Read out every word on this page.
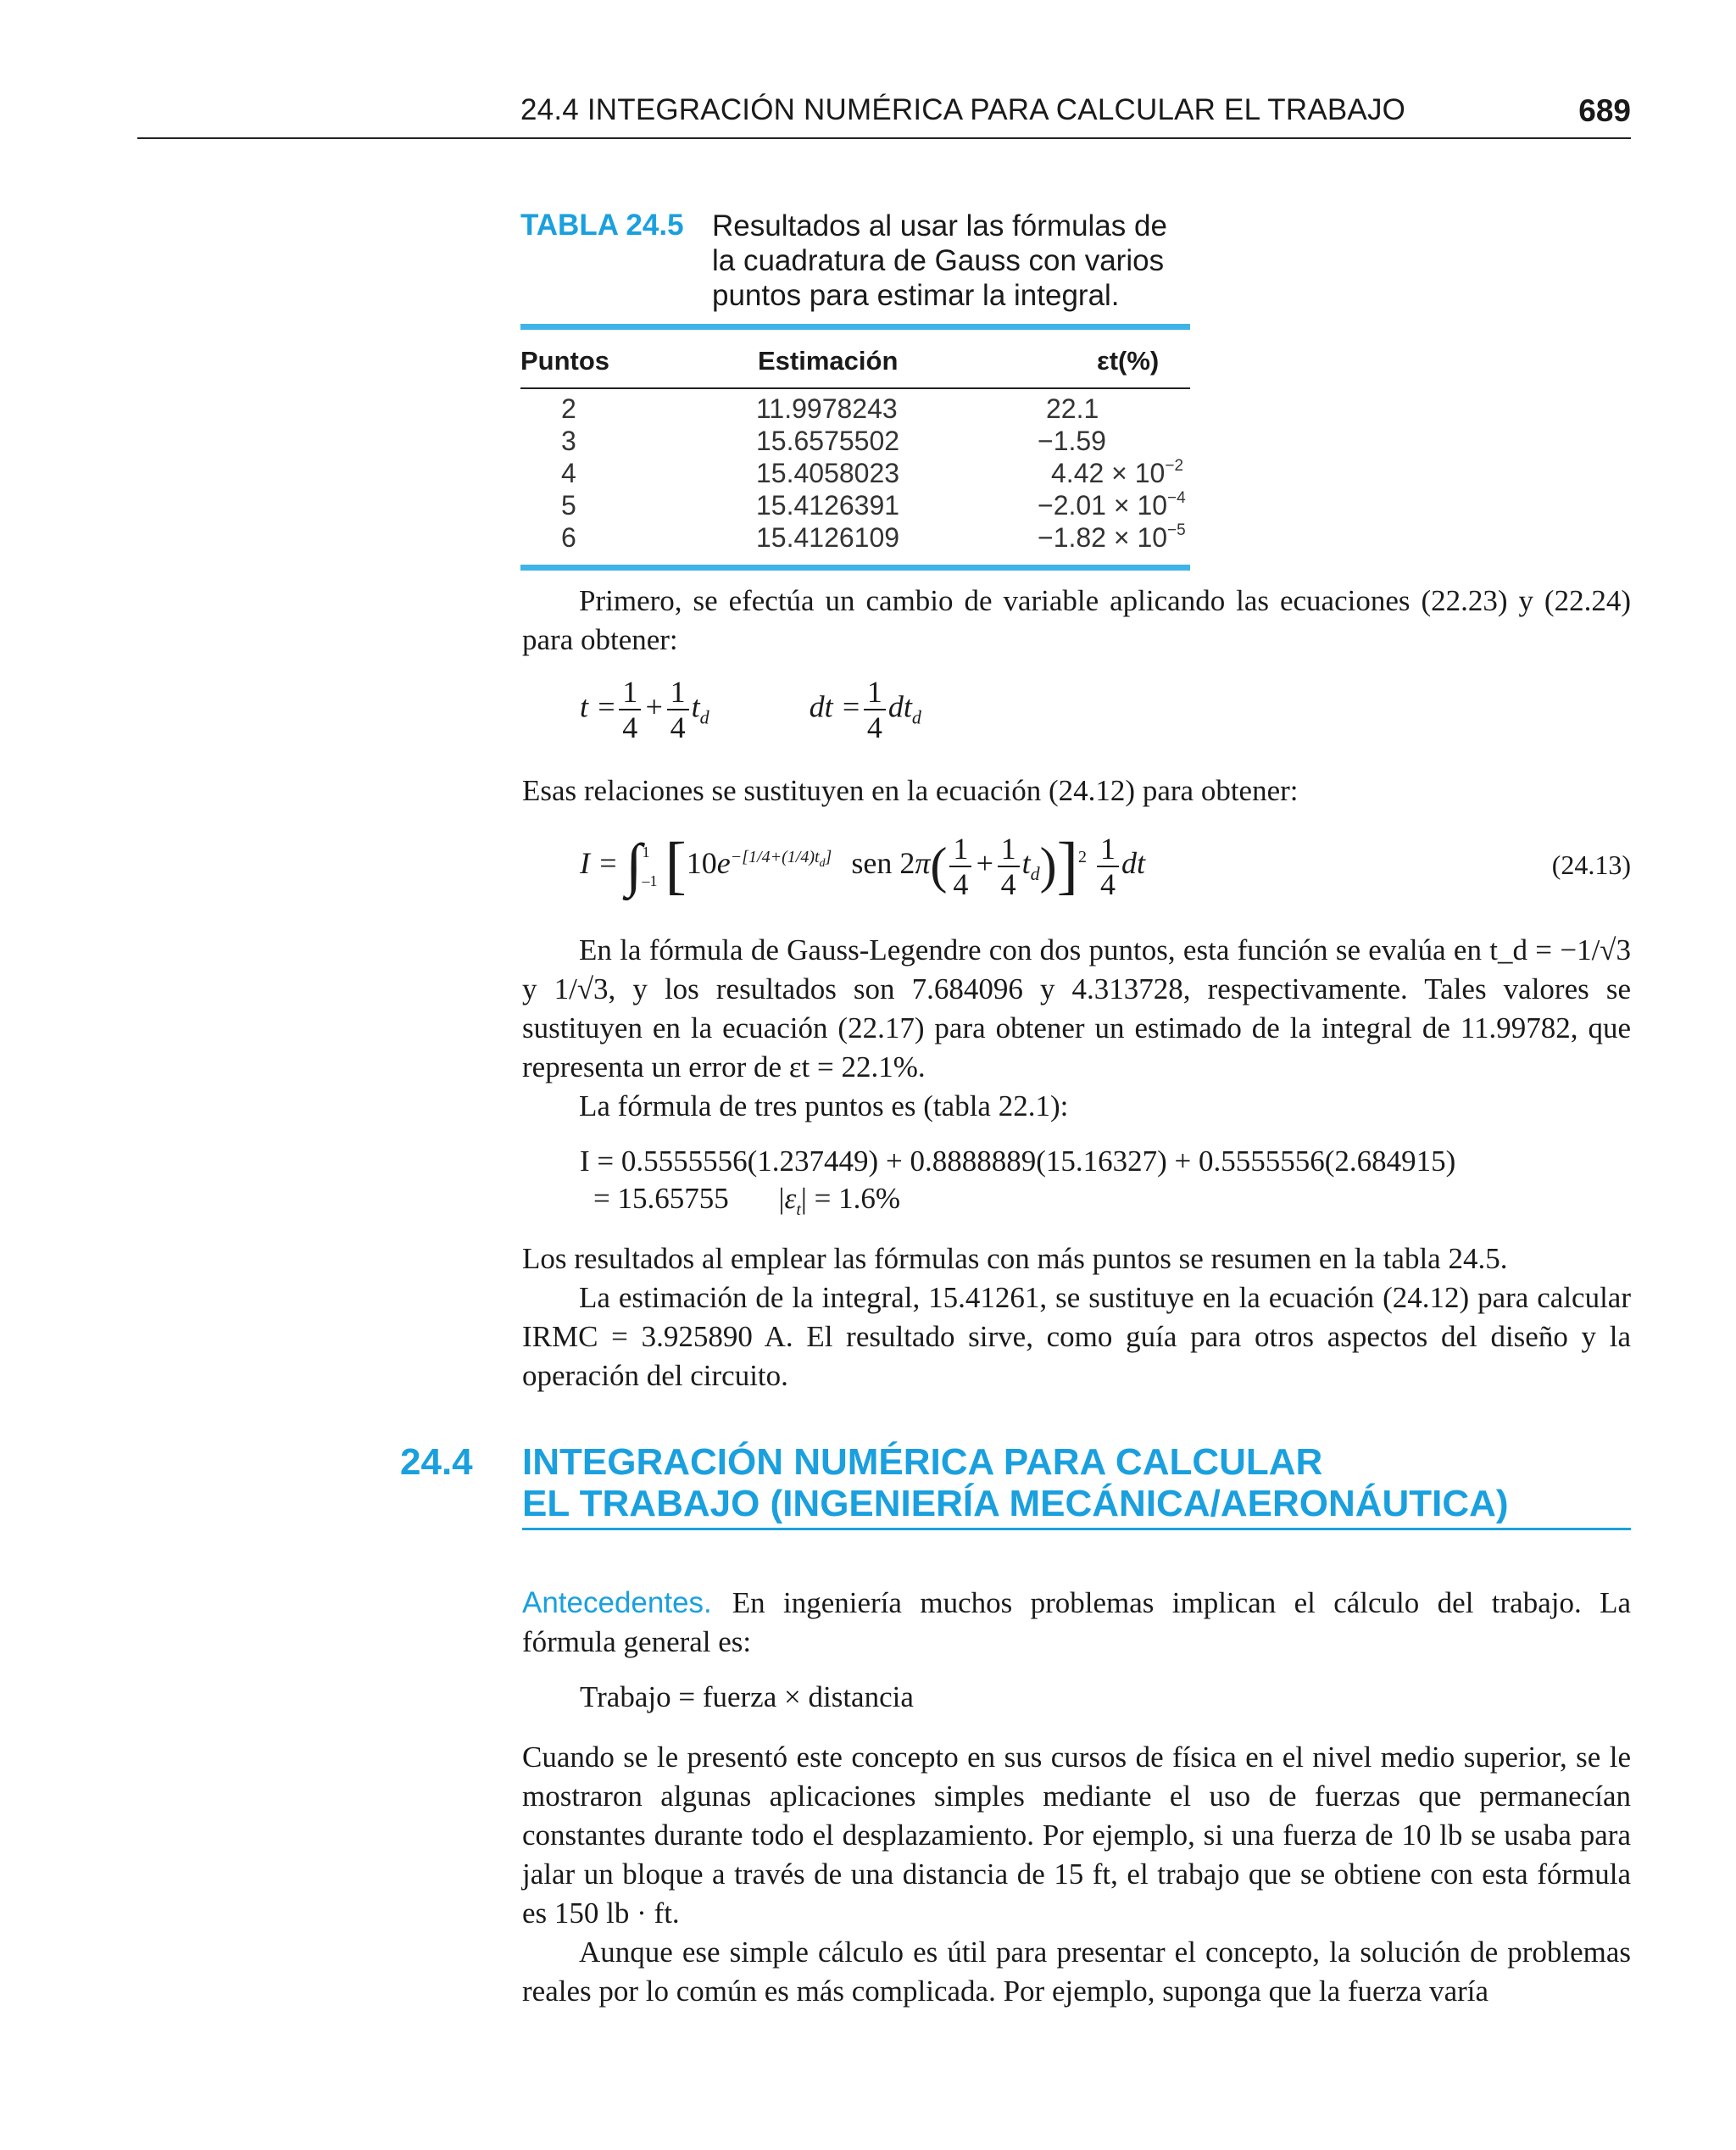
24.4 INTEGRACIÓN NUMÉRICA PARA CALCULAR EL TRABAJO	689
TABLA 24.5 Resultados al usar las fórmulas de la cuadratura de Gauss con varios puntos para estimar la integral.
Puntos	Estimación	εt(%)
2	11.9978243	22.1
3	15.6575502	−1.59
4	15.4058023	$4.42 \times 10^{-2}$
5	15.4126391	$-2.01 \times 10^{-4}$
6	15.4126109	$-1.82 \times 10^{-5}$
Primero, se efectúa un cambio de variable aplicando las ecuaciones (22.23) y (22.24) para obtener:
$t = \frac{1}{4} + \frac{1}{4} t_d$	dt = $\frac{1}{4} dt_d$
Esas relaciones se sustituyen en la ecuación (24.12) para obtener:
I = ∫ 1
–1 [$10e^{-[1/4+(1/4)t_d]}$ sen $2\pi( \frac{1}{4} + \frac{1}{4} t_d)]^2 \frac{1}{4}$ dt	(24.13)
En la fórmula de Gauss-Legendre con dos puntos, esta función se evalúa en t_d = −1/√3 y 1/√3, y los resultados son 7.684096 y 4.313728, respectivamente. Tales valores se sustituyen en la ecuación (22.17) para obtener un estimado de la integral de 11.99782, que representa un error de εt = 22.1%.
La fórmula de tres puntos es (tabla 22.1):
I = 0.5555556(1.237449) + 0.8888889(15.16327) + 0.5555556(2.684915)
= 15.65755 $|\varepsilon_t| = 1.6\%$
Los resultados al emplear las fórmulas con más puntos se resumen en la tabla 24.5.
La estimación de la integral, 15.41261, se sustituye en la ecuación (24.12) para calcular IRMC = 3.925890 A. El resultado sirve, como guía para otros aspectos del diseño y la operación del circuito.
24.4 INTEGRACIÓN NUMÉRICA PARA CALCULAR
EL TRABAJO (INGENIERÍA MECÁNICA/AERONÁUTICA)
Antecedentes. En ingeniería muchos problemas implican el cálculo del trabajo. La fórmula general es:
Trabajo = fuerza × distancia
Cuando se le presentó este concepto en sus cursos de física en el nivel medio superior, se le mostraron algunas aplicaciones simples mediante el uso de fuerzas que permanecían constantes durante todo el desplazamiento. Por ejemplo, si una fuerza de 10 lb se usaba para jalar un bloque a través de una distancia de 15 ft, el trabajo que se obtiene con esta fórmula es 150 lb · ft.
Aunque ese simple cálculo es útil para presentar el concepto, la solución de problemas reales por lo común es más complicada. Por ejemplo, suponga que la fuerza varía
